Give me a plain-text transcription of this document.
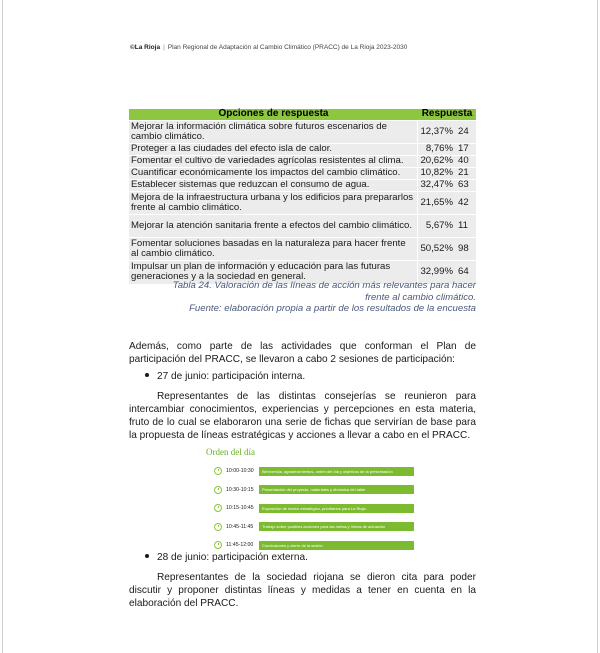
©La Rioja | Plan Regional de Adaptación al Cambio Climático (PRACC) de La Rioja 2023-2030
Opciones de respuesta	Respuesta	
Mejorar la información climática sobre futuros escenarios de cambio climático.	12,37%	24
Proteger a las ciudades del efecto isla de calor.	8,76%	17
Fomentar el cultivo de variedades agrícolas resistentes al clima.	20,62%	40
Cuantificar económicamente los impactos del cambio climático.	10,82%	21
Establecer sistemas que reduzcan el consumo de agua.	32,47%	63
Mejora de la infraestructura urbana y los edificios para prepararlos frente al cambio climático.	21,65%	42
Mejorar la atención sanitaria frente a efectos del cambio climático.	5,67%	11
Fomentar soluciones basadas en la naturaleza para hacer frente al cambio climático.	50,52%	98
Impulsar un plan de información y educación para las futuras generaciones y a la sociedad en general.	32,99%	64
Tabla 24. Valoración de las líneas de acción más relevantes para hacer frente al cambio climático.
Fuente: elaboración propia a partir de los resultados de la encuesta
Además, como parte de las actividades que conforman el Plan de participación del PRACC, se llevaron a cabo 2 sesiones de participación:
27 de junio: participación interna.
Representantes de las distintas consejerías se reunieron para intercambiar conocimientos, experiencias y percepciones en esta materia, fruto de lo cual se elaboraron una serie de fichas que servirían de base para la propuesta de líneas estratégicas y acciones a llevar a cabo en el PRACC.
Orden del día
10:00-10:30	Bienvenida, agradecimientos, orden del día y objetivos de la presentación
10:30-10:15	Presentación del proyecto, materiales y dinámica del taller
10:15-10:45	Exposición de marco estratégico, prioritarios para La Rioja.
10:45-11:45	Trabajo sobre posibles acciones para las metas y líneas de actuación
11:45-12:00	Conclusiones y cierre de la sesión
28 de junio: participación externa.
Representantes de la sociedad riojana se dieron cita para poder discutir y proponer distintas líneas y medidas a tener en cuenta en la elaboración del PRACC.
